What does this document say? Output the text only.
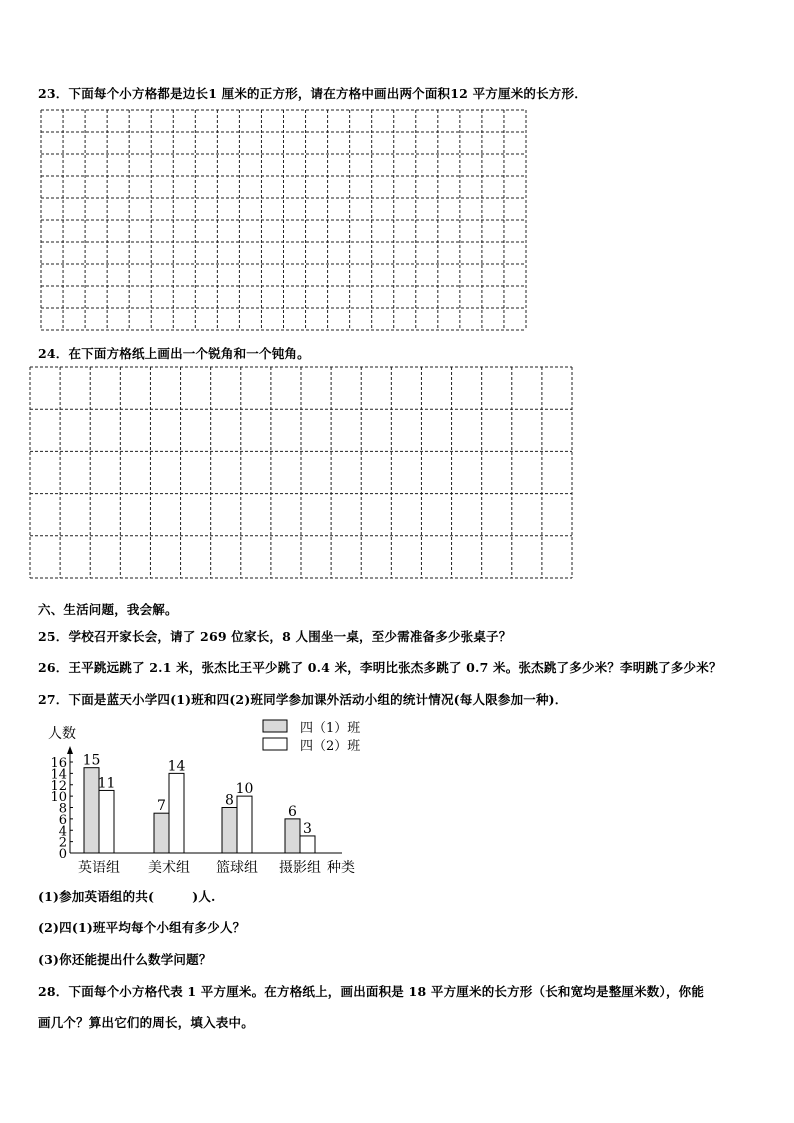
23．下面每个小方格都是边长1 厘米的正方形，请在方格中画出两个面积12 平方厘米的长方形．
24．在下面方格纸上画出一个锐角和一个钝角。
六、生活问题，我会解。
25．学校召开家长会，请了 269 位家长，8 人围坐一桌，至少需准备多少张桌子？
26．王平跳远跳了 2.1 米，张杰比王平少跳了 0.4 米，李明比张杰多跳了 0.7 米。张杰跳了多少米？李明跳了多少米？
27．下面是蓝天小学四(1)班和四(2)班同学参加课外活动小组的统计情况(每人限参加一种)．
人数
种类
0
2
4
6
8
10
12
14
16 15
11
英语组
7
14
美术组
8
10
篮球组
6
3
摄影组
四（1）班
四（2）班
(1)参加英语组的共(　　　)人.
(2)四(1)班平均每个小组有多少人？
(3)你还能提出什么数学问题？
28．下面每个小方格代表 1 平方厘米。在方格纸上，画出面积是 18 平方厘米的长方形（长和宽均是整厘米数），你能
画几个？算出它们的周长，填入表中。
